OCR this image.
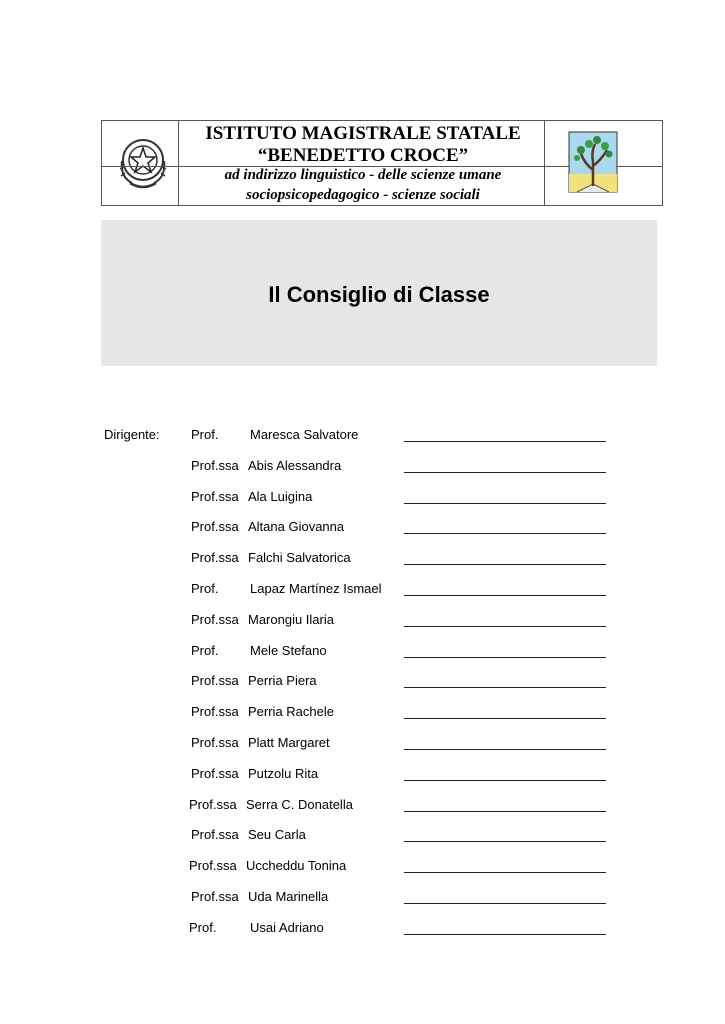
ISTITUTO MAGISTRALE STATALE
“BENEDETTO CROCE”
ad indirizzo linguistico - delle scienze umane
sociopsicopedagogico - scienze sociali
Il Consiglio di Classe
Dirigente: Prof. Maresca Salvatore
Prof.ssa Abis Alessandra
Prof.ssa Ala Luigina
Prof.ssa Altana Giovanna
Prof.ssa Falchi Salvatorica
Prof. Lapaz Martínez Ismael
Prof.ssa Marongiu Ilaria
Prof. Mele Stefano
Prof.ssa Perria Piera
Prof.ssa Perria Rachele
Prof.ssa Platt Margaret
Prof.ssa Putzolu Rita
Prof.ssa Serra C. Donatella
Prof.ssa Seu Carla
Prof.ssa Uccheddu Tonina
Prof.ssa Uda Marinella
Prof.	Usai Adriano
